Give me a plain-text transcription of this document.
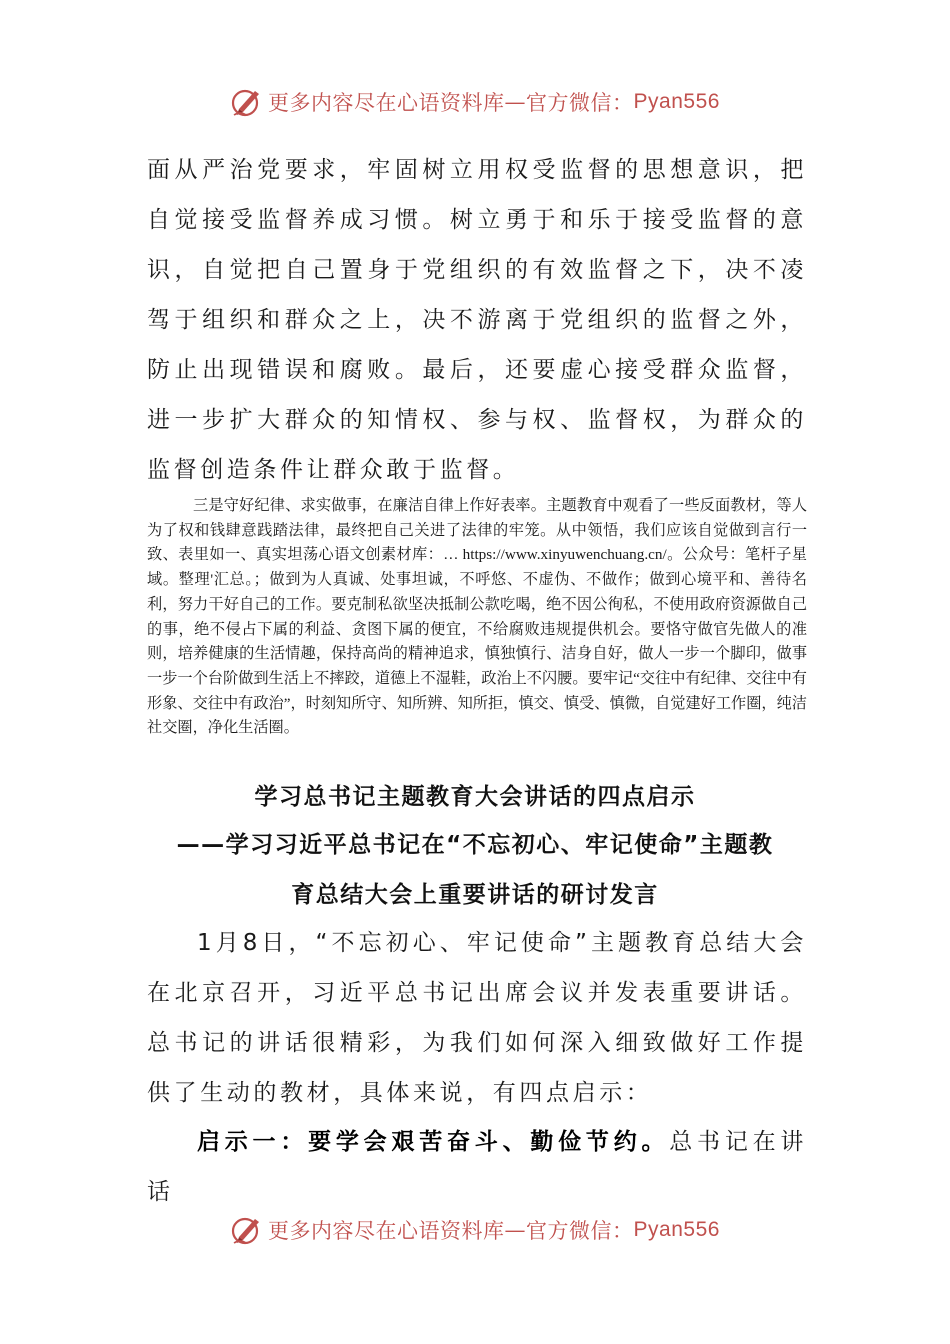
更多内容尽在心语资料库 — 官方微信： Pyan556
面从严治党要求，牢固树立用权受监督的思想意识，把自觉接受监督养成习惯。树立勇于和乐于接受监督的意识，自觉把自己置身于党组织的有效监督之下，决不凌驾于组织和群众之上，决不游离于党组织的监督之外，防止出现错误和腐败。最后，还要虚心接受群众监督，进一步扩大群众的知情权、参与权、监督权，为群众的监督创造条件让群众敢于监督。
三是守好纪律、求实做事，在廉洁自律上作好表率。主题教育中观看了一些反面教材，等人为了权和钱肆意践踏法律，最终把自己关进了法律的牢笼。从中领悟，我们应该自觉做到言行一致、表里如一、真实坦荡心语文创素材库：… https://www.xinyuwenchuang.cn/。公众号：笔杆子星域。整理'汇总。；做到为人真诚、处事坦诚，不呼悠、不虚伪、不做作；做到心境平和、善待名利，努力干好自己的工作。要克制私欲坚决抵制公款吃喝，绝不因公徇私，不使用政府资源做自己的事，绝不侵占下属的利益、贪图下属的便宜，不给腐败违规提供机会。要恪守做官先做人的准则，培养健康的生活情趣，保持高尚的精神追求，慎独慎行、洁身自好，做人一步一个脚印，做事一步一个台阶做到生活上不摔跤，道德上不湿鞋，政治上不闪腰。要牢记“交往中有纪律、交往中有形象、交往中有政治”，时刻知所守、知所辨、知所拒，慎交、慎受、慎微，自觉建好工作圈，纯洁社交圈，净化生活圈。
学习总书记主题教育大会讲话的四点启示
——学习习近平总书记在“不忘初心、牢记使命”主题教
育总结大会上重要讲话的研讨发言
1月8日，“不忘初心、牢记使命”主题教育总结大会在北京召开，习近平总书记出席会议并发表重要讲话。总书记的讲话很精彩，为我们如何深入细致做好工作提供了生动的教材，具体来说，有四点启示：
启示一：要学会艰苦奋斗、勤俭节约。总书记在讲话
更多内容尽在心语资料库 — 官方微信： Pyan556
